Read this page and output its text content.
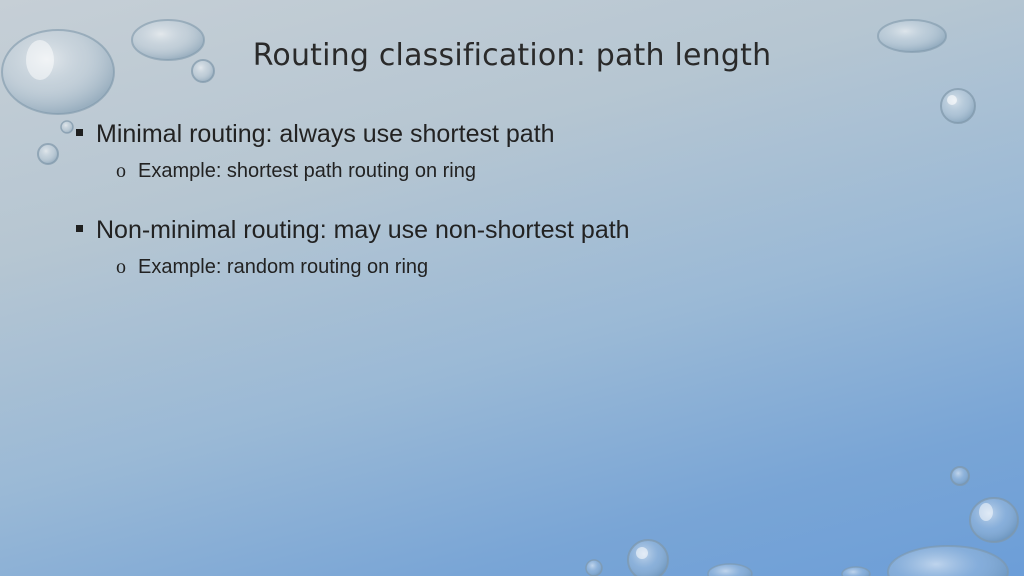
Routing classification: path length
Minimal routing: always use shortest path
o Example: shortest path routing on ring
Non-minimal routing: may use non-shortest path
o Example: random routing on ring
